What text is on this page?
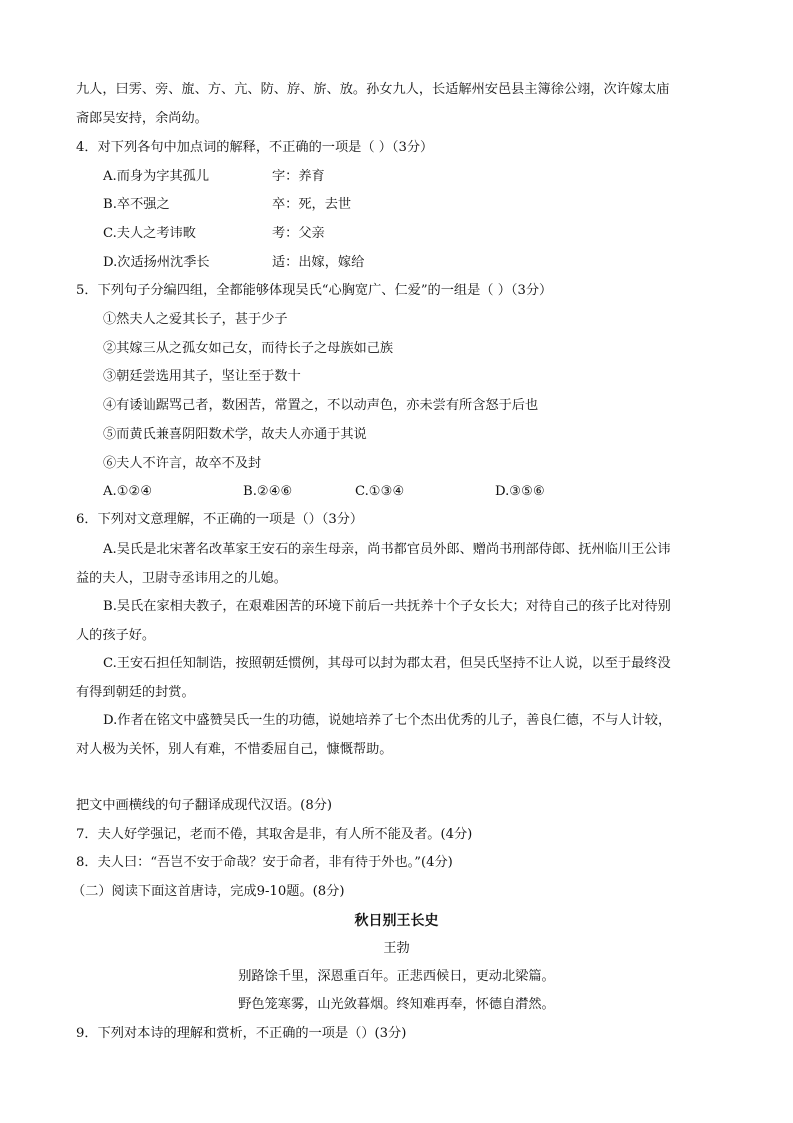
九人，曰雱、旁、旊、方、亢、防、斿、旂、放。孙女九人，长适解州安邑县主簿徐公翊，次许嫁太庙
斋郎吴安持，余尚幼。
4．对下列各句中加点词的解释，不正确的一项是（ ）（3分）
A.而身为字其孤儿	字：养育
B.卒不强之	卒：死，去世
C.夫人之考讳畋	考：父亲
D.次适扬州沈季长	适：出嫁，嫁给
5．下列句子分编四组，全都能够体现吴氏“心胸宽广、仁爱”的一组是（ ）（3分）
①然夫人之爱其长子，甚于少子
②其嫁三从之孤女如己女，而待长子之母族如己族
③朝廷尝选用其子，坚让至于数十
④有诿讪踞骂己者，数困苦，常置之，不以动声色，亦未尝有所含怒于后也
⑤而黄氏兼喜阴阳数术学，故夫人亦通于其说
⑥夫人不许言，故卒不及封
A.①②④	B.②④⑥	C.①③④	D.③⑤⑥
6．下列对文意理解，不正确的一项是（）（3分）
A.吴氏是北宋著名改革家王安石的亲生母亲，尚书都官员外郎、赠尚书刑部侍郎、抚州临川王公讳
益的夫人，卫尉寺丞讳用之的儿媳。
B.吴氏在家相夫教子，在艰难困苦的环境下前后一共抚养十个子女长大；对待自己的孩子比对待别
人的孩子好。
C.王安石担任知制诰，按照朝廷惯例，其母可以封为郡太君，但吴氏坚持不让人说，以至于最终没
有得到朝廷的封赏。
D.作者在铭文中盛赞吴氏一生的功德，说她培养了七个杰出优秀的儿子，善良仁德，不与人计较，
对人极为关怀，别人有难，不惜委屈自己，慷慨帮助。
把文中画横线的句子翻译成现代汉语。(8分)
7．夫人好学强记，老而不倦，其取舍是非，有人所不能及者。(4分)
8．夫人曰：“吾岂不安于命哉？安于命者，非有待于外也。”(4分)
（二）阅读下面这首唐诗，完成9-10题。(8分)
秋日别王长史
王勃
别路馀千里，深恩重百年。正悲西候日，更动北梁篇。
野色笼寒雾，山光敛暮烟。终知难再奉，怀德自潸然。
9．下列对本诗的理解和赏析，不正确的一项是（）(3分)
